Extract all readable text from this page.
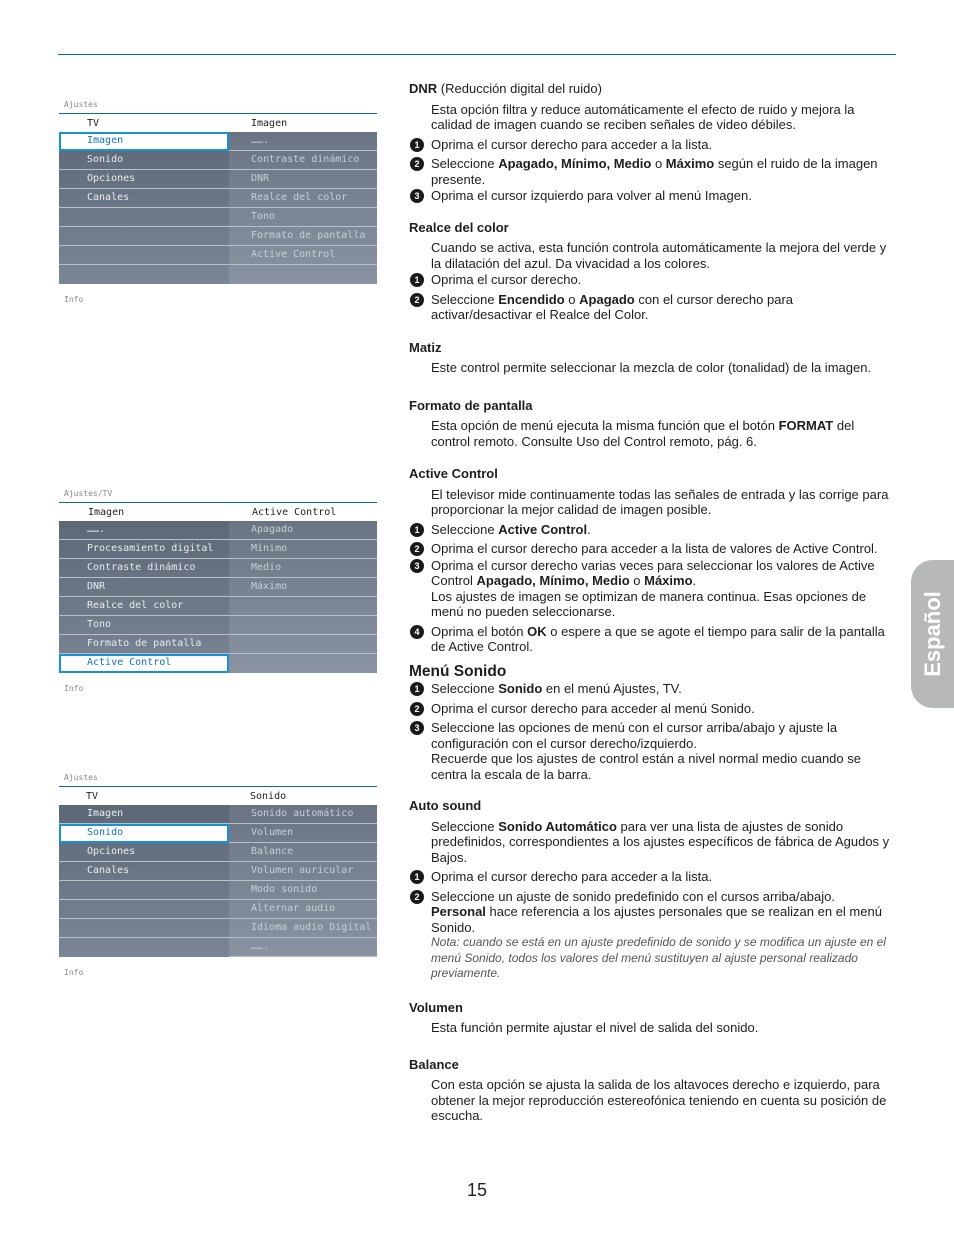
Ajustes
TV	Imagen
Imagen
Sonido
Opciones
Canales
…….
Contraste dinámico
DNR
Realce del color
Tono
Formato de pantalla
Active Control
Info
Ajustes/TV
Imagen	Active Control
…….
Procesamiento digital
Contraste dinámico
DNR
Realce del color
Tono
Formato de pantalla
Active Control
Apagado
Mínimo
Medio
Máximo
Info
Ajustes
TV	Sonido
Imagen
Sonido
Opciones
Canales
Sonido automático
Volumen
Balance
Volumen auricular
Modo sonido
Alternar audio
Idioma audio Digital
…….
Info
DNR (Reducción digital del ruido)
Esta opción filtra y reduce automáticamente el efecto de ruido y mejora la calidad de imagen cuando se reciben señales de video débiles.
1 Oprima el cursor derecho para acceder a la lista.
2 Seleccione Apagado, Mínimo, Medio o Máximo según el ruido de la imagen presente.
3 Oprima el cursor izquierdo para volver al menú Imagen.
Realce del color
Cuando se activa, esta función controla automáticamente la mejora del verde y la dilatación del azul. Da vivacidad a los colores.
1 Oprima el cursor derecho.
2 Seleccione Encendido o Apagado con el cursor derecho para activar/desactivar el Realce del Color.
Matiz
Este control permite seleccionar la mezcla de color (tonalidad) de la imagen.
Formato de pantalla
Esta opción de menú ejecuta la misma función que el botón FORMAT del control remoto. Consulte Uso del Control remoto, pág. 6.
Active Control
El televisor mide continuamente todas las señales de entrada y las corrige para proporcionar la mejor calidad de imagen posible.
1 Seleccione Active Control.
2 Oprima el cursor derecho para acceder a la lista de valores de Active Control.
3 Oprima el cursor derecho varias veces para seleccionar los valores de Active Control Apagado, Mínimo, Medio o Máximo.
Los ajustes de imagen se optimizan de manera continua. Esas opciones de menú no pueden seleccionarse.
4 Oprima el botón OK o espere a que se agote el tiempo para salir de la pantalla de Active Control.
Menú Sonido
1 Seleccione Sonido en el menú Ajustes, TV.
2 Oprima el cursor derecho para acceder al menú Sonido.
3 Seleccione las opciones de menú con el cursor arriba/abajo y ajuste la configuración con el cursor derecho/izquierdo.
Recuerde que los ajustes de control están a nivel normal medio cuando se centra la escala de la barra.
Auto sound
Seleccione Sonido Automático para ver una lista de ajustes de sonido predefinidos, correspondientes a los ajustes específicos de fábrica de Agudos y Bajos.
1 Oprima el cursor derecho para acceder a la lista.
2 Seleccione un ajuste de sonido predefinido con el cursos arriba/abajo.
Personal hace referencia a los ajustes personales que se realizan en el menú Sonido.
Nota: cuando se está en un ajuste predefinido de sonido y se modifica un ajuste en el menú Sonido, todos los valores del menú sustituyen al ajuste personal realizado previamente.
Volumen
Esta función permite ajustar el nivel de salida del sonido.
Balance
Con esta opción se ajusta la salida de los altavoces derecho e izquierdo, para obtener la mejor reproducción estereofónica teniendo en cuenta su posición de escucha.
Español
15
